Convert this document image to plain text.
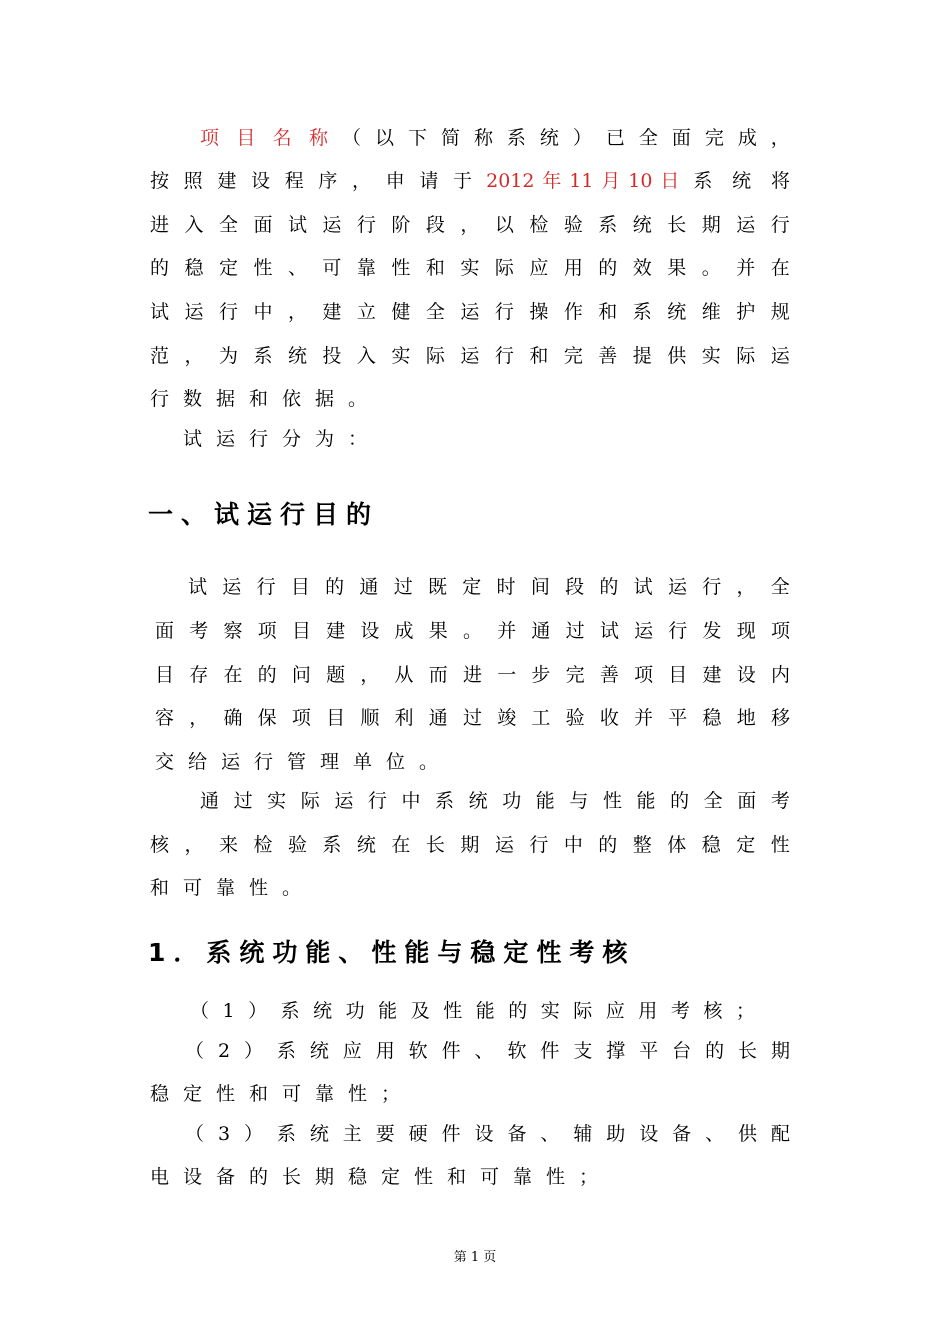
项 目 名 称 （ 以 下 简 称 系 统 ） 已 全 面 完 成 ，
按 照 建 设 程 序 ， 申 请 于 2012 年 11 月 10 日 系 统 将
进 入 全 面 试 运 行 阶 段 ， 以 检 验 系 统 长 期 运 行
的 稳 定 性 、 可 靠 性 和 实 际 应 用 的 效 果 。 并 在
试 运 行 中 ， 建 立 健 全 运 行 操 作 和 系 统 维 护 规
范 ， 为 系 统 投 入 实 际 运 行 和 完 善 提 供 实 际 运
行数据和依据。
试运行分为：
一、试运行目的
试 运 行 目 的 通 过 既 定 时 间 段 的 试 运 行 ， 全
面 考 察 项 目 建 设 成 果 。 并 通 过 试 运 行 发 现 项
目 存 在 的 问 题 ， 从 而 进 一 步 完 善 项 目 建 设 内
容 ， 确 保 项 目 顺 利 通 过 竣 工 验 收 并 平 稳 地 移
交给运行管理单位。
通 过 实 际 运 行 中 系 统 功 能 与 性 能 的 全 面 考
核 ， 来 检 验 系 统 在 长 期 运 行 中 的 整 体 稳 定 性
和可靠性。
1．系统功能、性能与稳定性考核
（ 1 ） 系 统 功 能 及 性 能 的 实 际 应 用 考 核 ；
（ 2 ） 系 统 应 用 软 件 、 软 件 支 撑 平 台 的 长 期
稳定性和可靠性；
（ 3 ） 系 统 主 要 硬 件 设 备 、 辅 助 设 备 、 供 配
电设备的长期稳定性和可靠性；
第 1 页
